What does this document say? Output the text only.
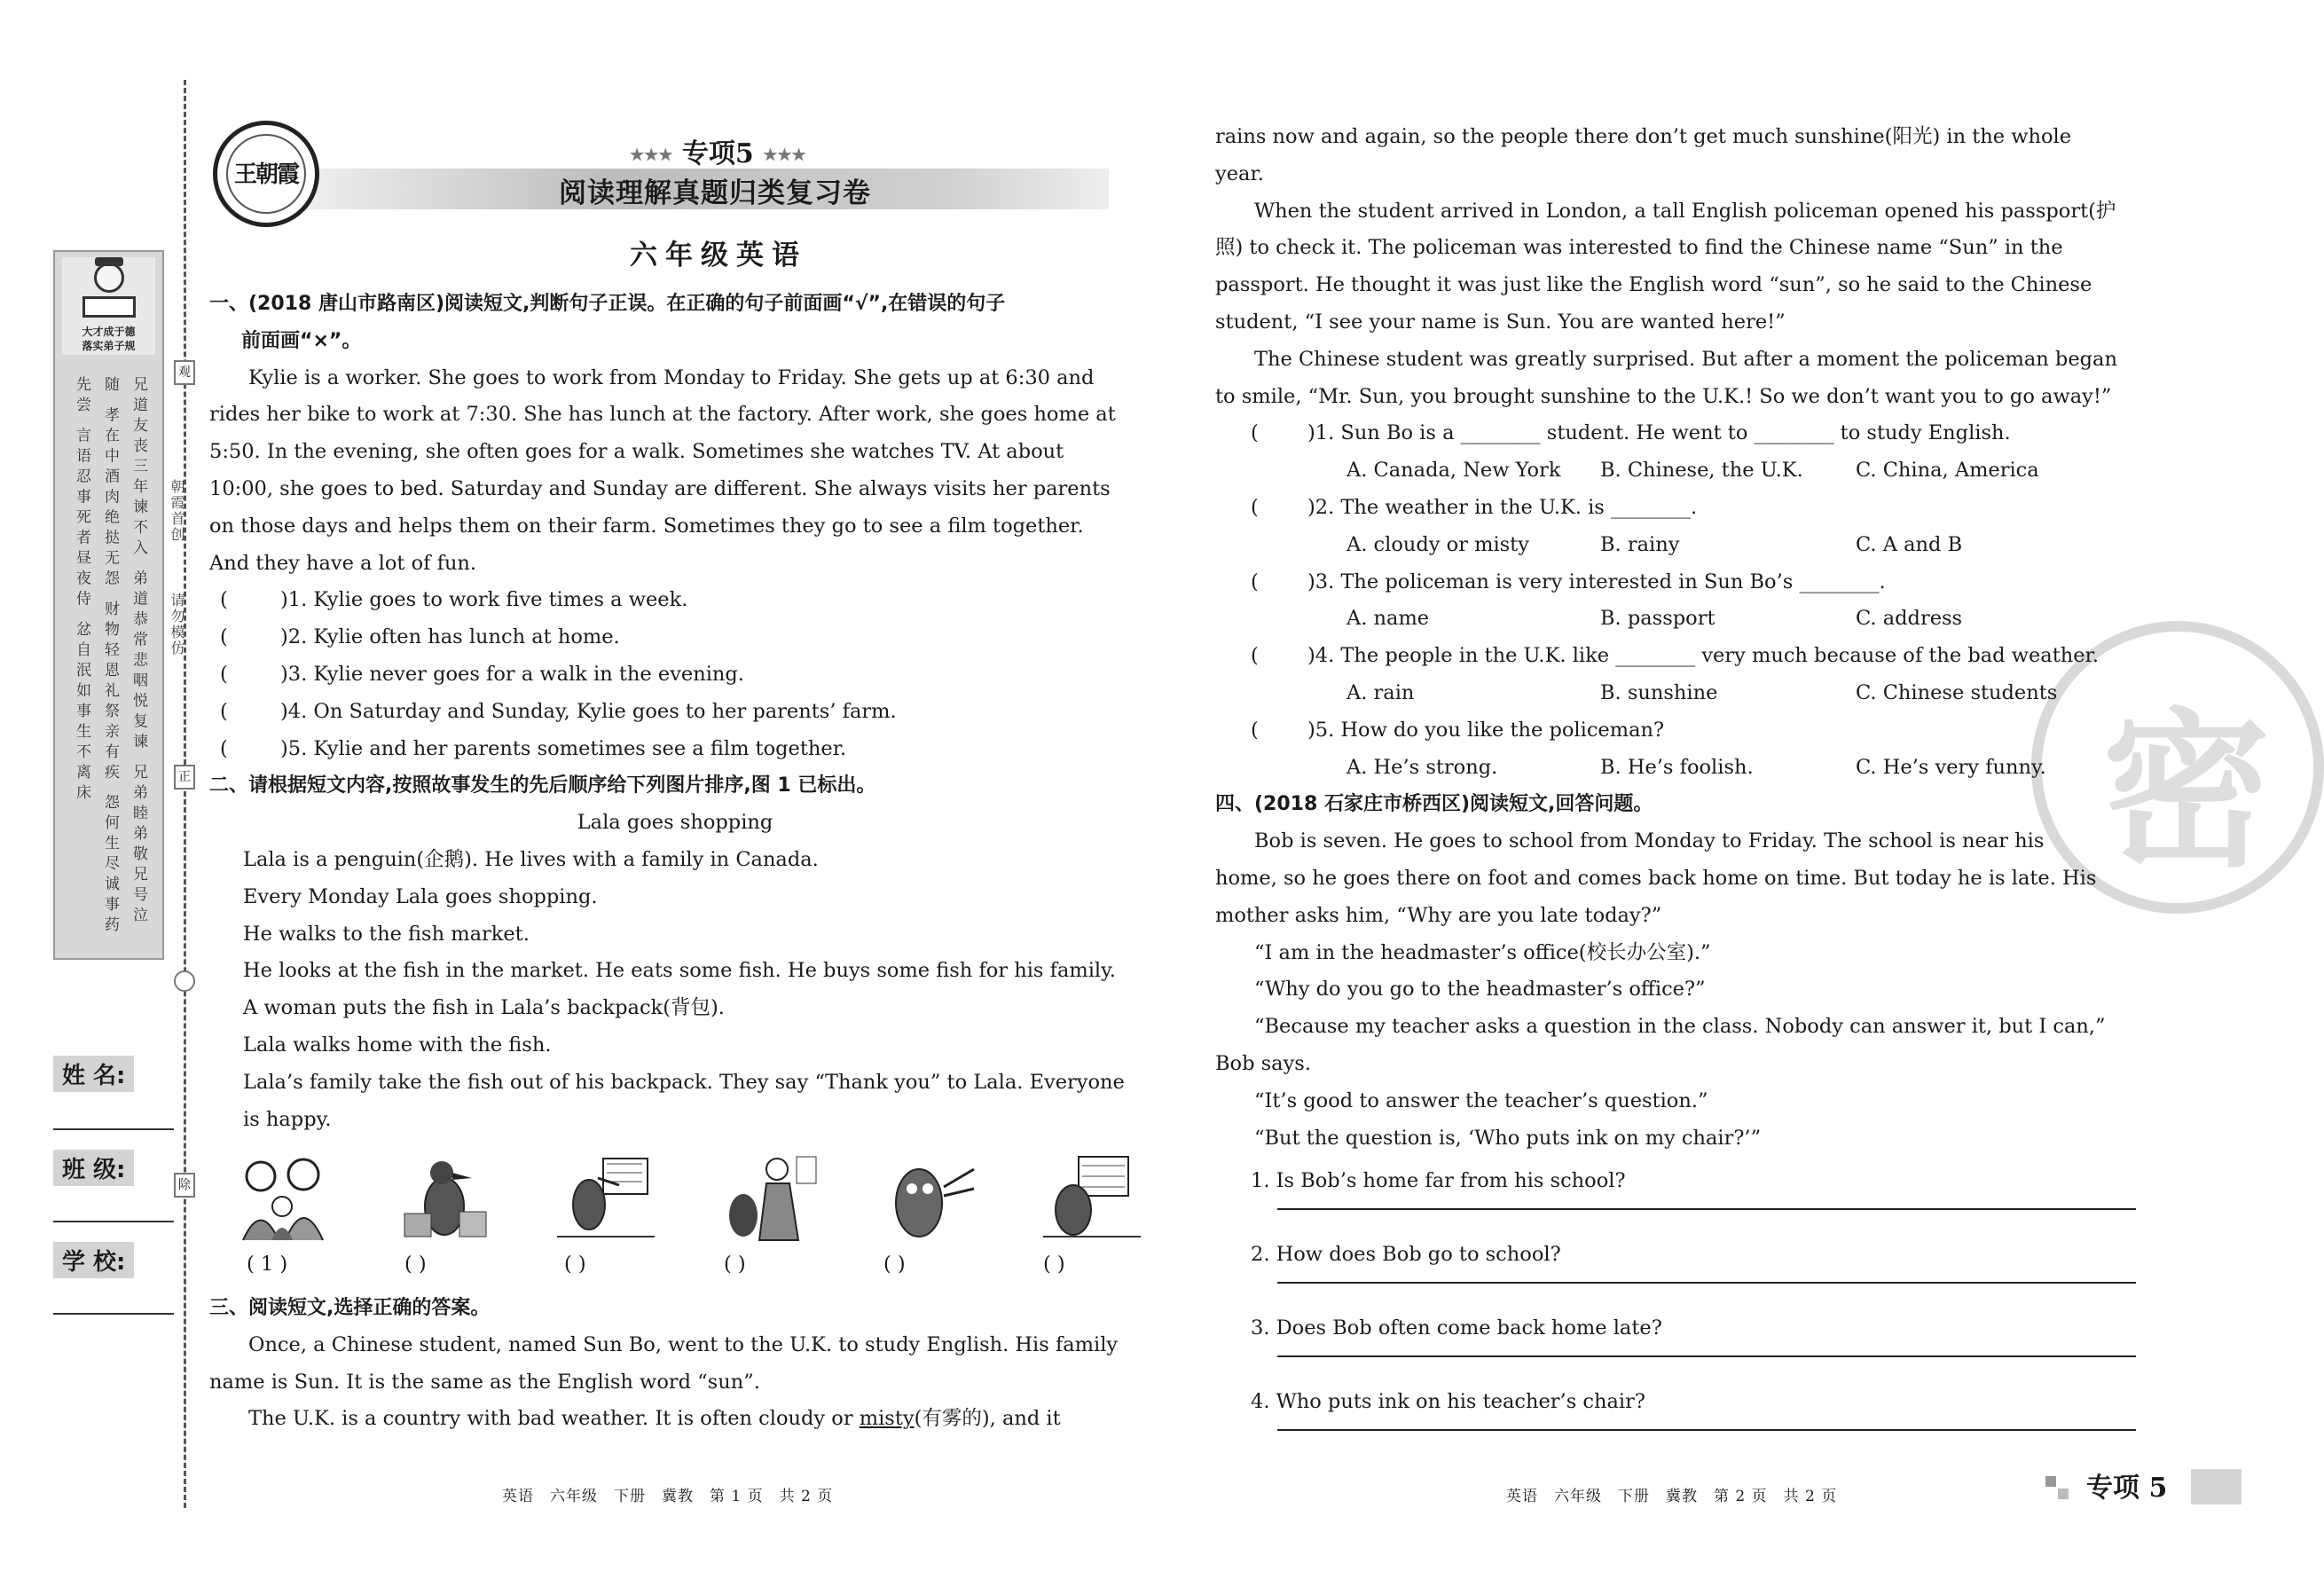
大才成于德
落实弟子规
兄道友丧三年谏不入 弟道恭常悲咽悦复谏 兄弟睦弟敬兄号泣随 孝在中酒肉绝挞无怨 财物轻恩礼祭亲有疾 怨何生尽诚事药先尝 言语忍事死者昼夜侍 忿自泯如事生不离床
观
朝霞首创
请勿模仿
正
除
姓 名:
班 级:
学 校:
王朝霞
★★★ 专项5 ★★★
阅读理解真题归类复习卷
六年级英语

一、(2018 唐山市路南区)阅读短文,判断句子正误。在正确的句子前面画“√”,在错误的句子

前面画“×”。

Kylie is a worker. She goes to work from Monday to Friday. She gets up at 6:30 and

rides her bike to work at 7:30. She has lunch at the factory. After work, she goes home at

5:50. In the evening, she often goes for a walk. Sometimes she watches TV. At about

10:00, she goes to bed. Saturday and Sunday are different. She always visits her parents

on those days and helps them on their farm. Sometimes they go to see a film together.

And they have a lot of fun.

(	)1. Kylie goes to work five times a week.

(	)2. Kylie often has lunch at home.

(	)3. Kylie never goes for a walk in the evening.

(	)4. On Saturday and Sunday, Kylie goes to her parents’ farm.

(	)5. Kylie and her parents sometimes see a film together.

二、请根据短文内容,按照故事发生的先后顺序给下列图片排序,图 1 已标出。

Lala goes shopping

Lala is a penguin(企鹅). He lives with a family in Canada.

Every Monday Lala goes shopping.

He walks to the fish market.

He looks at the fish in the market. He eats some fish. He buys some fish for his family.

A woman puts the fish in Lala’s backpack(背包).

Lala walks home with the fish.

Lala’s family take the fish out of his backpack. They say “Thank you” to Lala. Everyone

is happy.

( 1 )	( )	( )	( )	( )	( )

三、阅读短文,选择正确的答案。

Once, a Chinese student, named Sun Bo, went to the U.K. to study English. His family

name is Sun. It is the same as the English word “sun”.

The U.K. is a country with bad weather. It is often cloudy or misty(有雾的), and it

密

rains now and again, so the people there don’t get much sunshine(阳光) in the whole

year.

When the student arrived in London, a tall English policeman opened his passport(护

照) to check it. The policeman was interested to find the Chinese name “Sun” in the

passport. He thought it was just like the English word “sun”, so he said to the Chinese

student, “I see your name is Sun. You are wanted here!”

The Chinese student was greatly surprised. But after a moment the policeman began

to smile, “Mr. Sun, you brought sunshine to the U.K.! So we don’t want you to go away!”

( )1. Sun Bo is a ________ student. He went to ________ to study English.

A. Canada, New York B. Chinese, the U.K.	C. China, America

( )2. The weather in the U.K. is ________.

A. cloudy or misty	B. rainy	C. A and B

( )3. The policeman is very interested in Sun Bo’s ________.

A. name	B. passport	C. address

( )4. The people in the U.K. like ________ very much because of the bad weather.

A. rain	B. sunshine	C. Chinese students

( )5. How do you like the policeman?

A. He’s strong.	B. He’s foolish.	C. He’s very funny.

四、(2018 石家庄市桥西区)阅读短文,回答问题。

Bob is seven. He goes to school from Monday to Friday. The school is near his

home, so he goes there on foot and comes back home on time. But today he is late. His

mother asks him, “Why are you late today?”

“I am in the headmaster’s office(校长办公室).”

“Why do you go to the headmaster’s office?”

“Because my teacher asks a question in the class. Nobody can answer it, but I can,”

Bob says.

“It’s good to answer the teacher’s question.”

“But the question is, ‘Who puts ink on my chair?’”

1. Is Bob’s home far from his school?

2. How does Bob go to school?

3. Does Bob often come back home late?

4. Who puts ink on his teacher’s chair?

英语　六年级　下册　冀教　第 1 页　共 2 页	英语　六年级　下册　冀教　第 2 页　共 2 页	专项 5
